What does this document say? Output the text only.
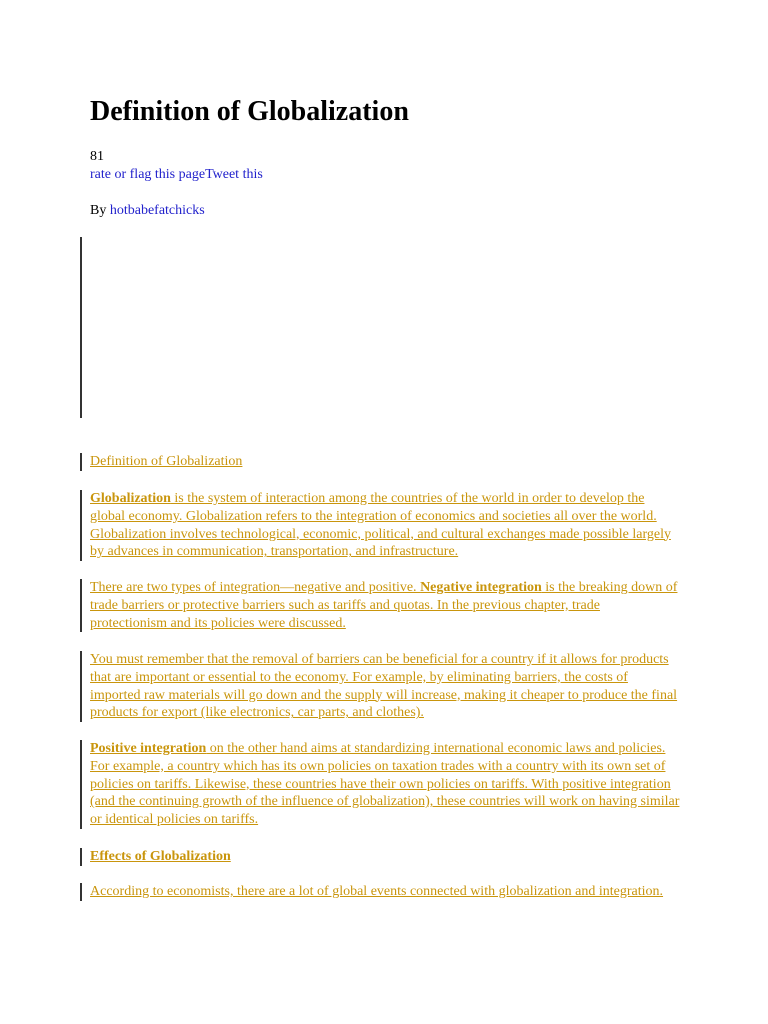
Definition of Globalization
81
rate or flag this pageTweet this
By hotbabefatchicks

Definition of Globalization

Globalization is the system of interaction among the countries of the world in order to develop the global economy. Globalization refers to the integration of economics and societies all over the world. Globalization involves technological, economic, political, and cultural exchanges made possible largely by advances in communication, transportation, and infrastructure.

There are two types of integration—negative and positive. Negative integration is the breaking down of trade barriers or protective barriers such as tariffs and quotas. In the previous chapter, trade protectionism and its policies were discussed.

You must remember that the removal of barriers can be beneficial for a country if it allows for products that are important or essential to the economy. For example, by eliminating barriers, the costs of imported raw materials will go down and the supply will increase, making it cheaper to produce the final products for export (like electronics, car parts, and clothes).

Positive integration on the other hand aims at standardizing international economic laws and policies. For example, a country which has its own policies on taxation trades with a country with its own set of policies on tariffs. Likewise, these countries have their own policies on tariffs. With positive integration (and the continuing growth of the influence of globalization), these countries will work on having similar or identical policies on tariffs.

Effects of Globalization

According to economists, there are a lot of global events connected with globalization and integration.
